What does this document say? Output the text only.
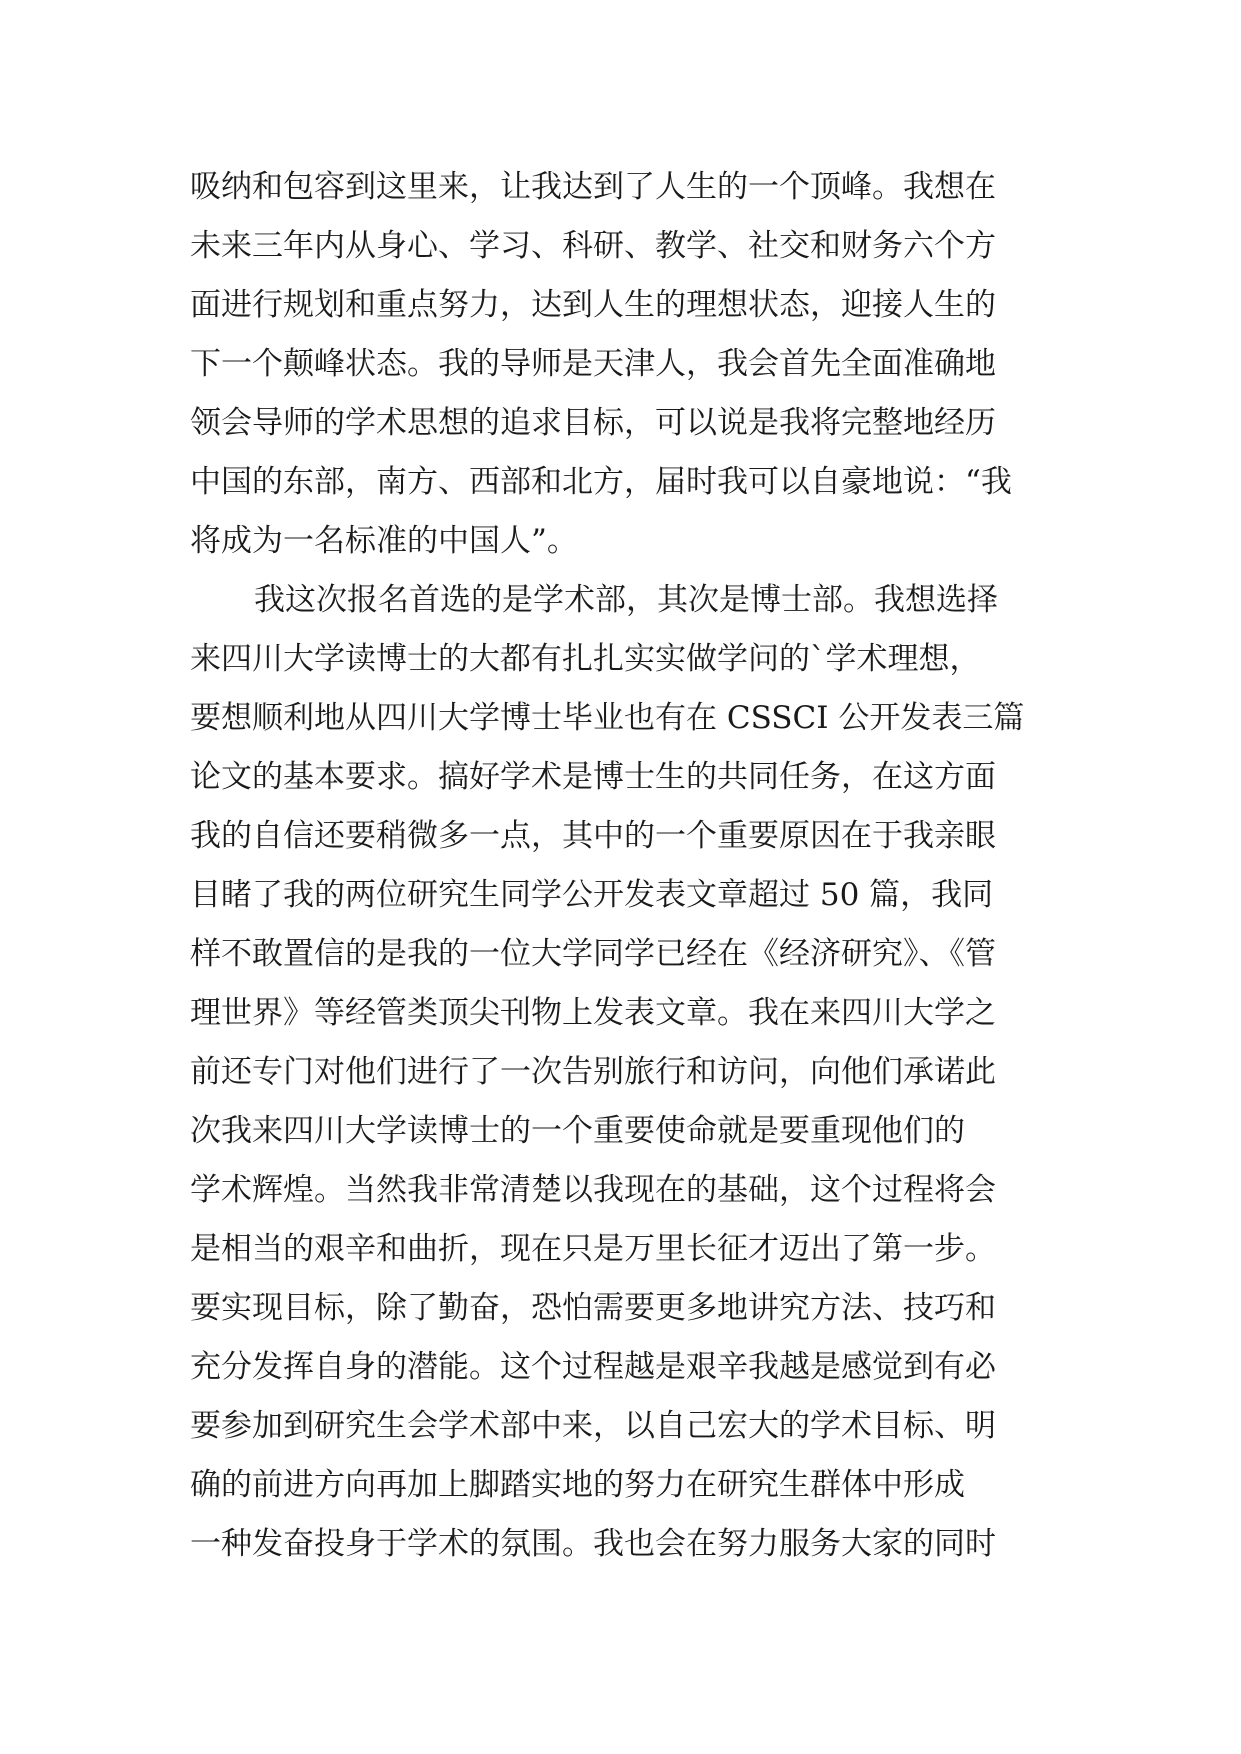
吸纳和包容到这里来，让我达到了人生的一个顶峰。我想在
未来三年内从身心、学习、科研、教学、社交和财务六个方
面进行规划和重点努力，达到人生的理想状态，迎接人生的
下一个颠峰状态。我的导师是天津人，我会首先全面准确地
领会导师的学术思想的追求目标，可以说是我将完整地经历
中国的东部，南方、西部和北方，届时我可以自豪地说：“我
将成为一名标准的中国人”。
我这次报名首选的是学术部，其次是博士部。我想选择
来四川大学读博士的大都有扎扎实实做学问的`学术理想，
要想顺利地从四川大学博士毕业也有在 CSSCI 公开发表三篇
论文的基本要求。搞好学术是博士生的共同任务，在这方面
我的自信还要稍微多一点，其中的一个重要原因在于我亲眼
目睹了我的两位研究生同学公开发表文章超过 50 篇，我同
样不敢置信的是我的一位大学同学已经在《经济研究》、《管
理世界》等经管类顶尖刊物上发表文章。我在来四川大学之
前还专门对他们进行了一次告别旅行和访问，向他们承诺此
次我来四川大学读博士的一个重要使命就是要重现他们的
学术辉煌。当然我非常清楚以我现在的基础，这个过程将会
是相当的艰辛和曲折，现在只是万里长征才迈出了第一步。
要实现目标，除了勤奋，恐怕需要更多地讲究方法、技巧和
充分发挥自身的潜能。这个过程越是艰辛我越是感觉到有必
要参加到研究生会学术部中来，以自己宏大的学术目标、明
确的前进方向再加上脚踏实地的努力在研究生群体中形成
一种发奋投身于学术的氛围。我也会在努力服务大家的同时
